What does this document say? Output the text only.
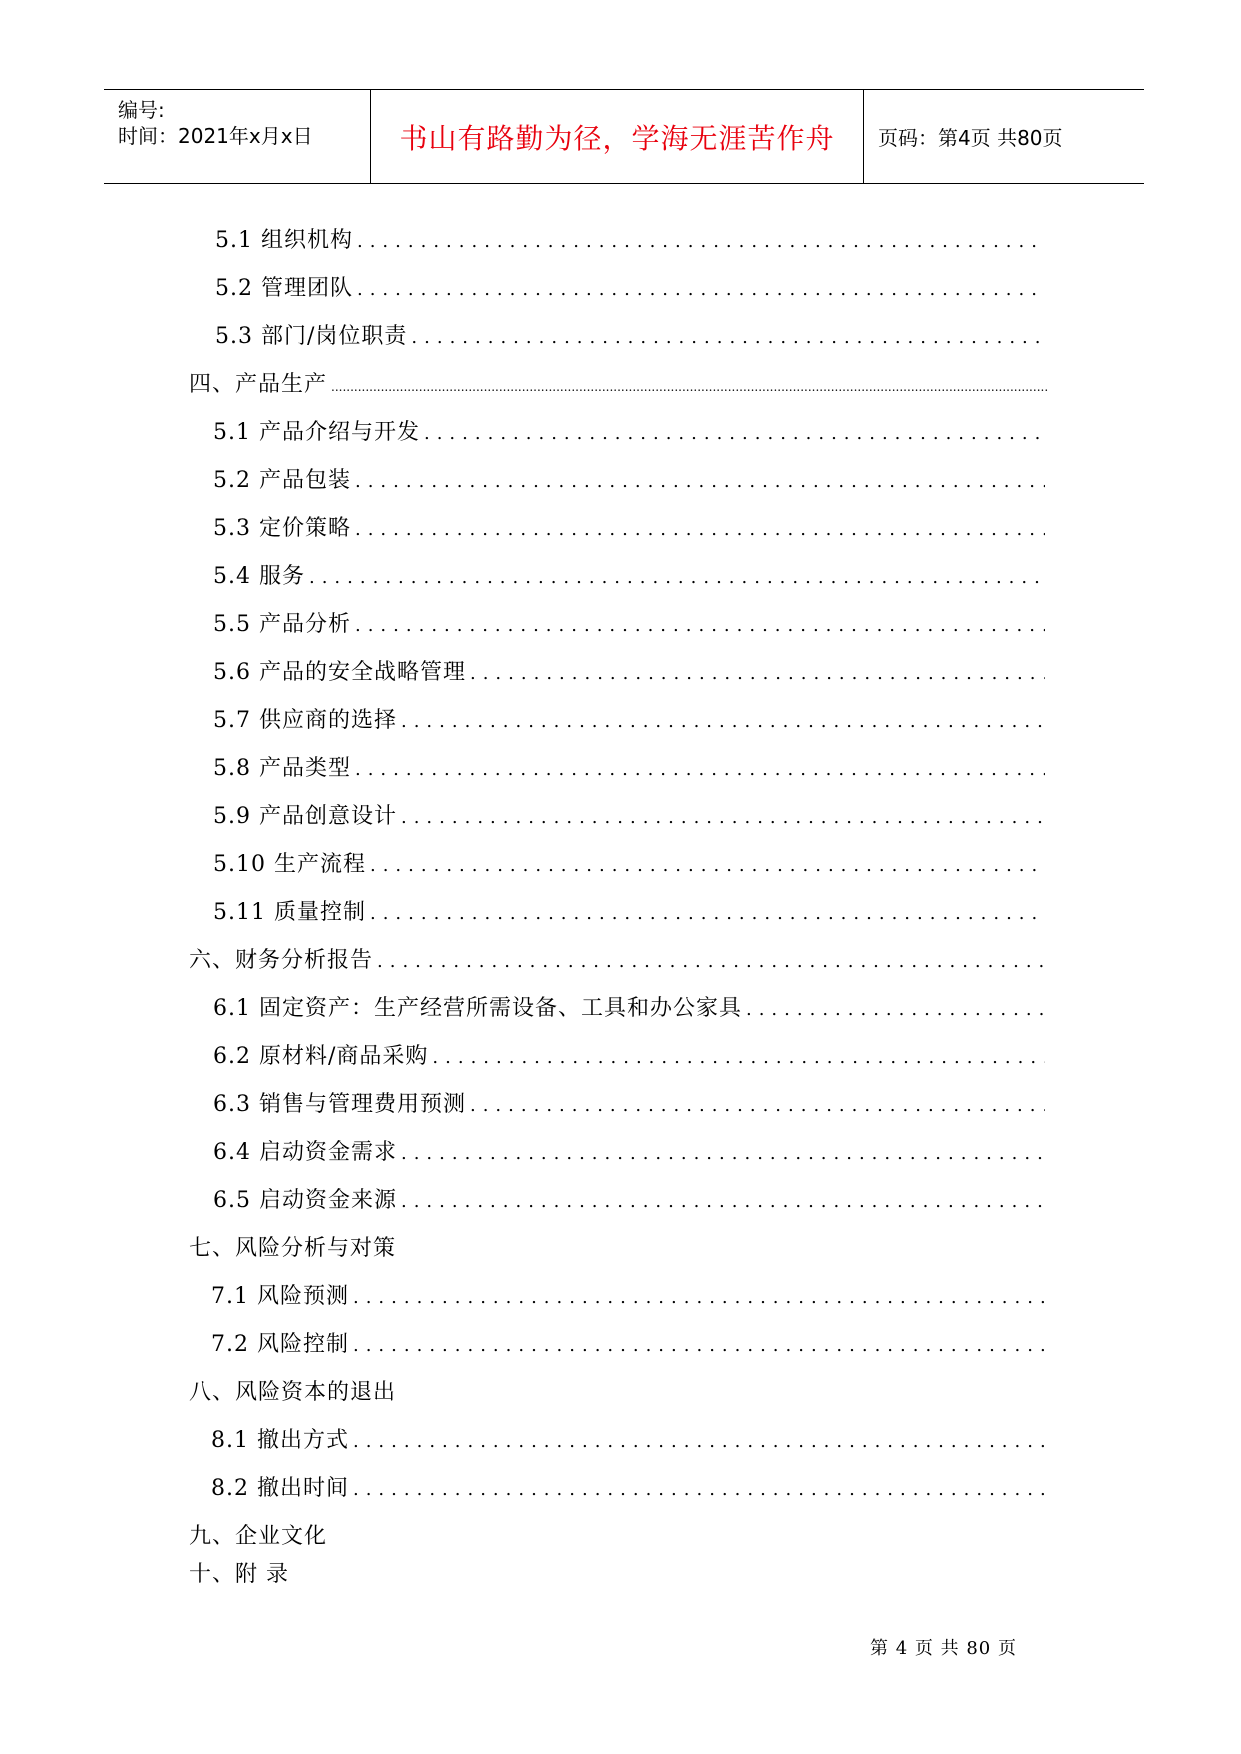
编号:
时间：2021年x月x日	书山有路勤为径，学海无涯苦作舟 页码：第4页 共80页
5.1 组织机构
.....
5.2 管理团队
.....
5.3 部门/岗位职责
.....
四、产品生产
.....
5.1 产品介绍与开发
.....
5.2 产品包装
.....
5.3 定价策略
.....
5.4 服务
.....
5.5 产品分析
.....
5.6 产品的安全战略管理
.....
5.7 供应商的选择
.....
5.8 产品类型
.....
5.9 产品创意设计
.....
5.10 生产流程
.....
5.11 质量控制
.....
六、财务分析报告
.....
6.1 固定资产：生产经营所需设备、工具和办公家具
.....
6.2 原材料/商品采购
.....
6.3 销售与管理费用预测
.....
6.4 启动资金需求
.....
6.5 启动资金来源
.....
七、风险分析与对策
7.1 风险预测
.....
7.2 风险控制
.....
八、风险资本的退出
8.1 撤出方式
.....
8.2 撤出时间
.....
九、企业文化
十、附 录
第 4 页 共 80 页
